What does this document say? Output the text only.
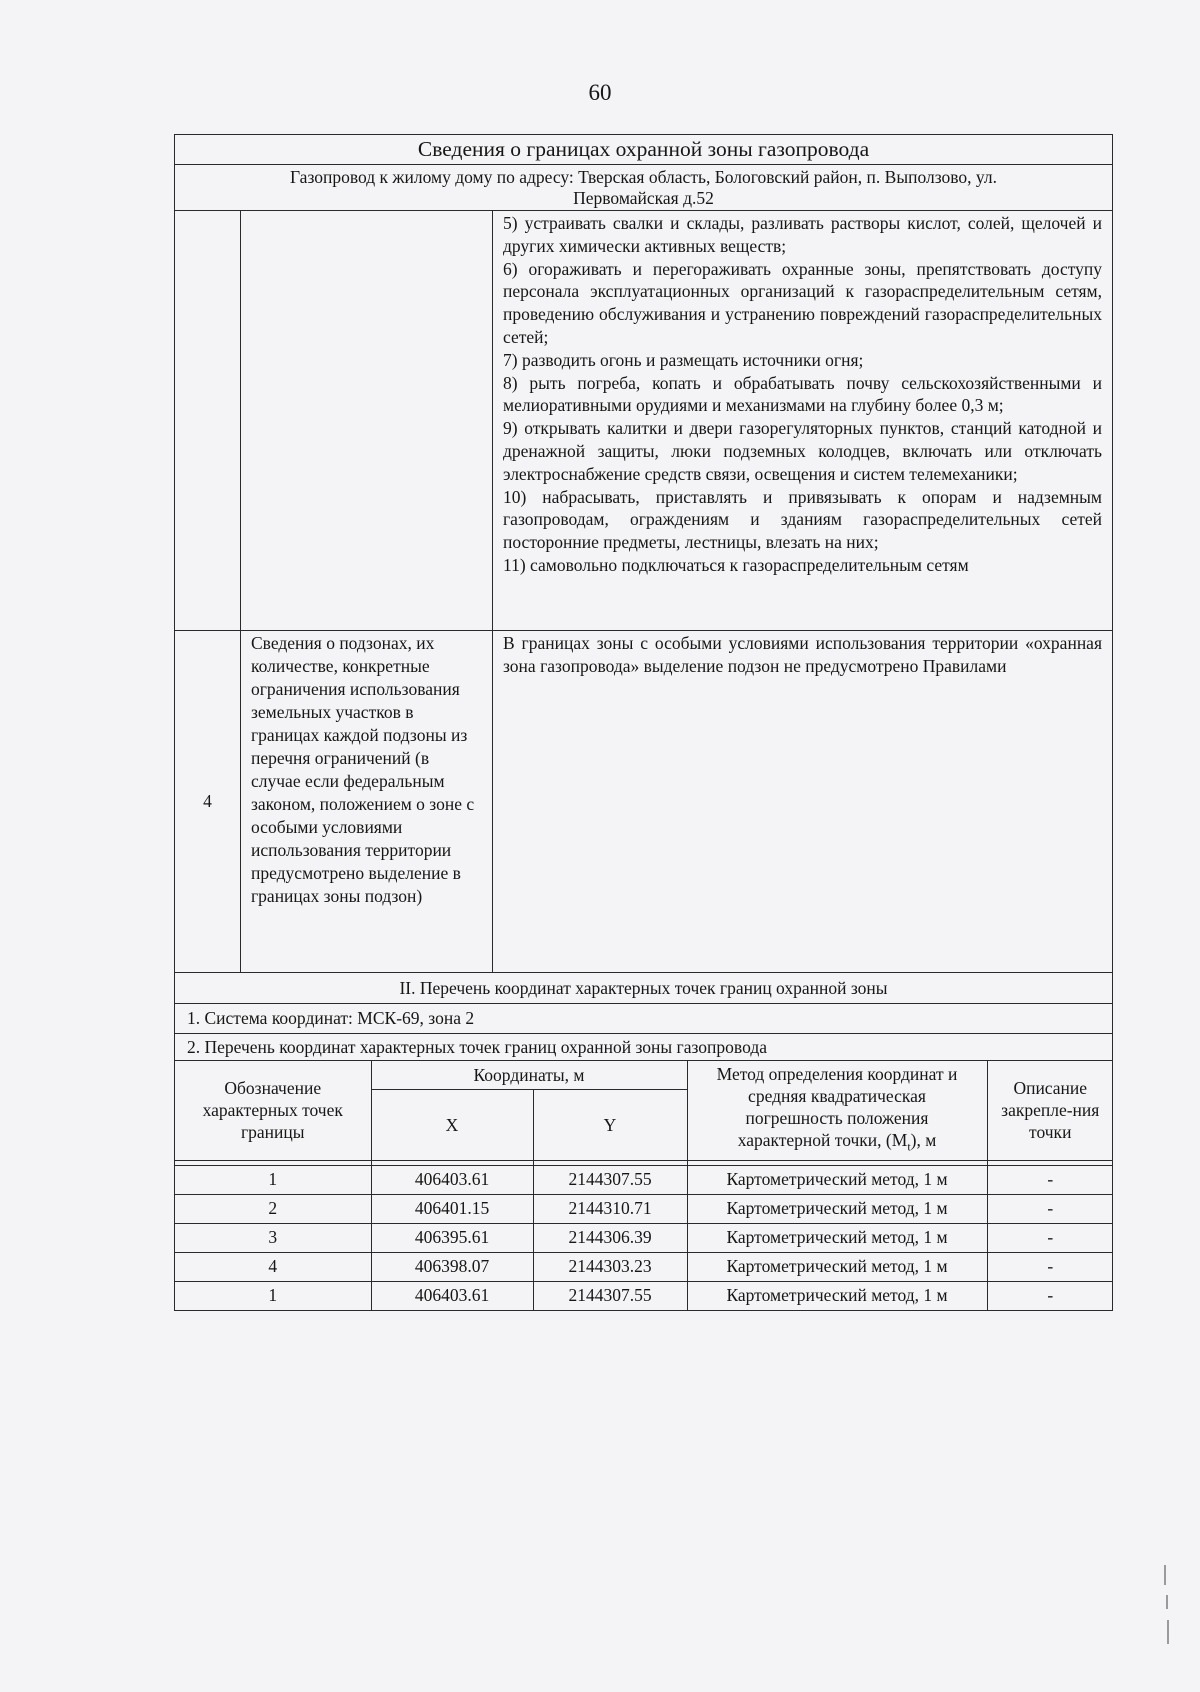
60
Сведения о границах охранной зоны газопровода

Газопровод к жилому дому по адресу: Тверская область, Бологовский район, п. Выползово, ул.
Первомайская д.52

5) устраивать свалки и склады, разливать растворы кислот, солей, щелочей и других химически активных веществ;
6) огораживать и перегораживать охранные зоны, препятствовать доступу персонала эксплуатационных организаций к газораспределительным сетям, проведению обслуживания и устранению повреждений газораспределительных сетей;
7) разводить огонь и размещать источники огня;
8) рыть погреба, копать и обрабатывать почву сельскохозяйственными и мелиоративными орудиями и механизмами на глубину более 0,3 м;
9) открывать калитки и двери газорегуляторных пунктов, станций катодной и дренажной защиты, люки подземных колодцев, включать или отключать электроснабжение средств связи, освещения и систем телемеханики;
10) набрасывать, приставлять и привязывать к опорам и надземным газопроводам, ограждениям и зданиям газораспределительных сетей посторонние предметы, лестницы, влезать на них;
11) самовольно подключаться к газораспределительным сетям

4	Сведения о подзонах, их количестве, конкретные ограничения использования земельных участков в границах каждой подзоны из перечня ограничений (в случае если федеральным законом, положением о зоне с особыми условиями использования территории предусмотрено выделение в границах зоны подзон)	В границах зоны с особыми условиями использования территории «охранная зона газопровода» выделение подзон не предусмотрено Правилами
II. Перечень координат характерных точек границ охранной зоны
1. Система координат: МСК-69, зона 2
2. Перечень координат характерных точек границ охранной зоны газопровода

Обозначение характерных точек границы	Координаты, м	Метод определения координат и средняя квадратическая погрешность положения характерной точки, $(M_t)$, м	Описание закрепле-ния точки
X	Y

1	406403.61	2144307.55	Картометрический метод, 1 м	-
2	406401.15	2144310.71	Картометрический метод, 1 м	-
3	406395.61	2144306.39	Картометрический метод, 1 м	-
4	406398.07	2144303.23	Картометрический метод, 1 м	-
1	406403.61	2144307.55	Картометрический метод, 1 м	-
